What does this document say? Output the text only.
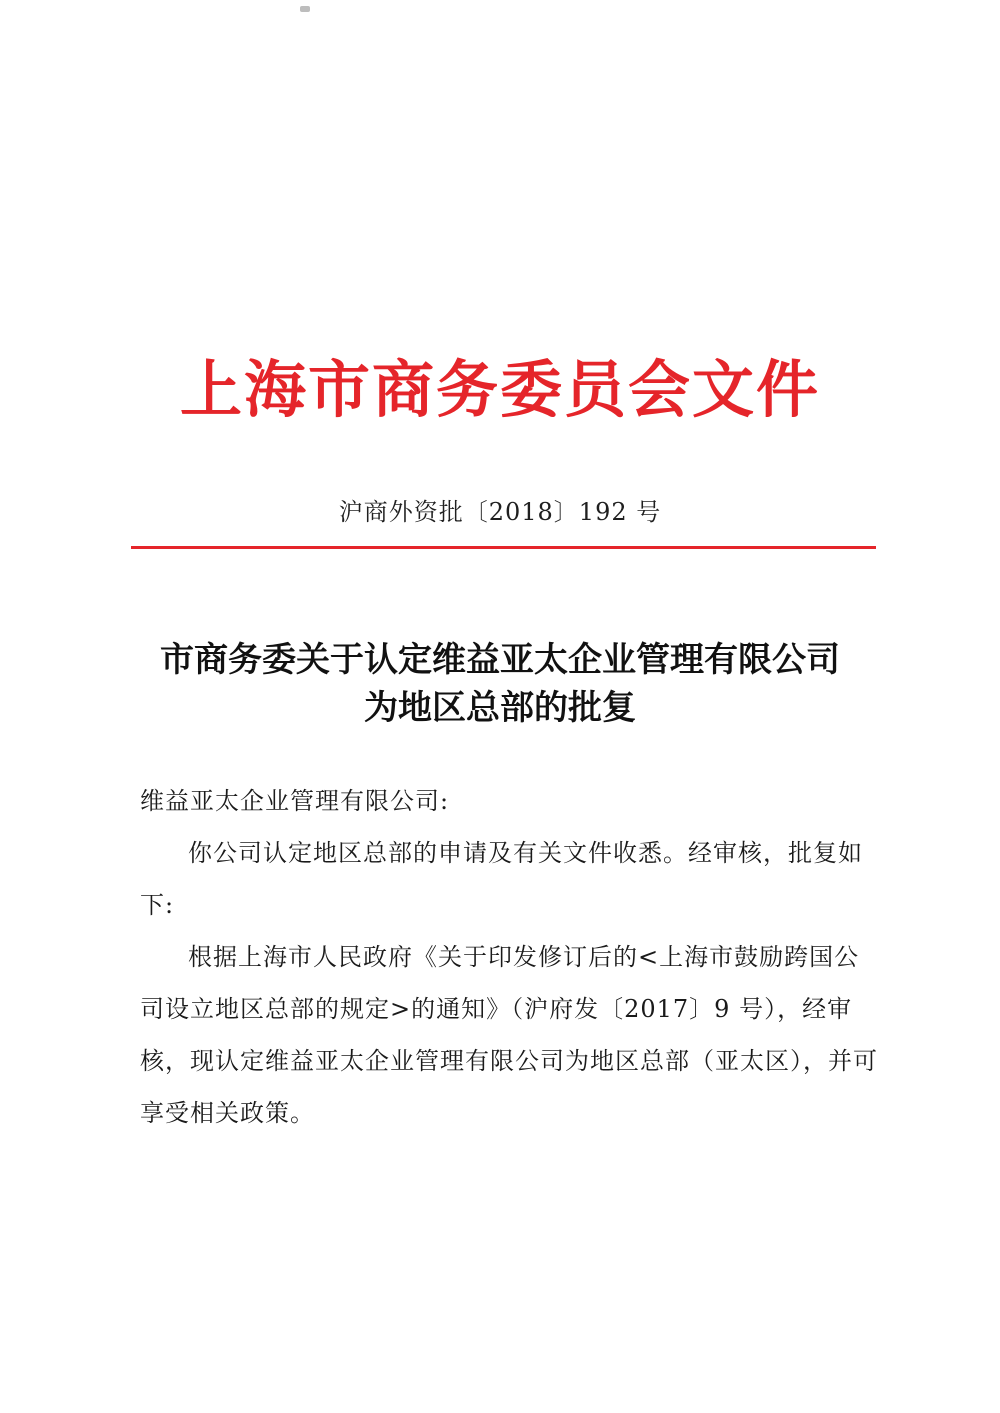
上海市商务委员会文件
沪商外资批〔2018〕192 号
市商务委关于认定维益亚太企业管理有限公司
为地区总部的批复

维益亚太企业管理有限公司:

你公司认定地区总部的申请及有关文件收悉。经审核，批复如下:

根据上海市人民政府《关于印发修订后的<上海市鼓励跨国公司设立地区总部的规定>的通知》（沪府发〔2017〕9 号），经审核，现认定维益亚太企业管理有限公司为地区总部（亚太区），并可享受相关政策。
